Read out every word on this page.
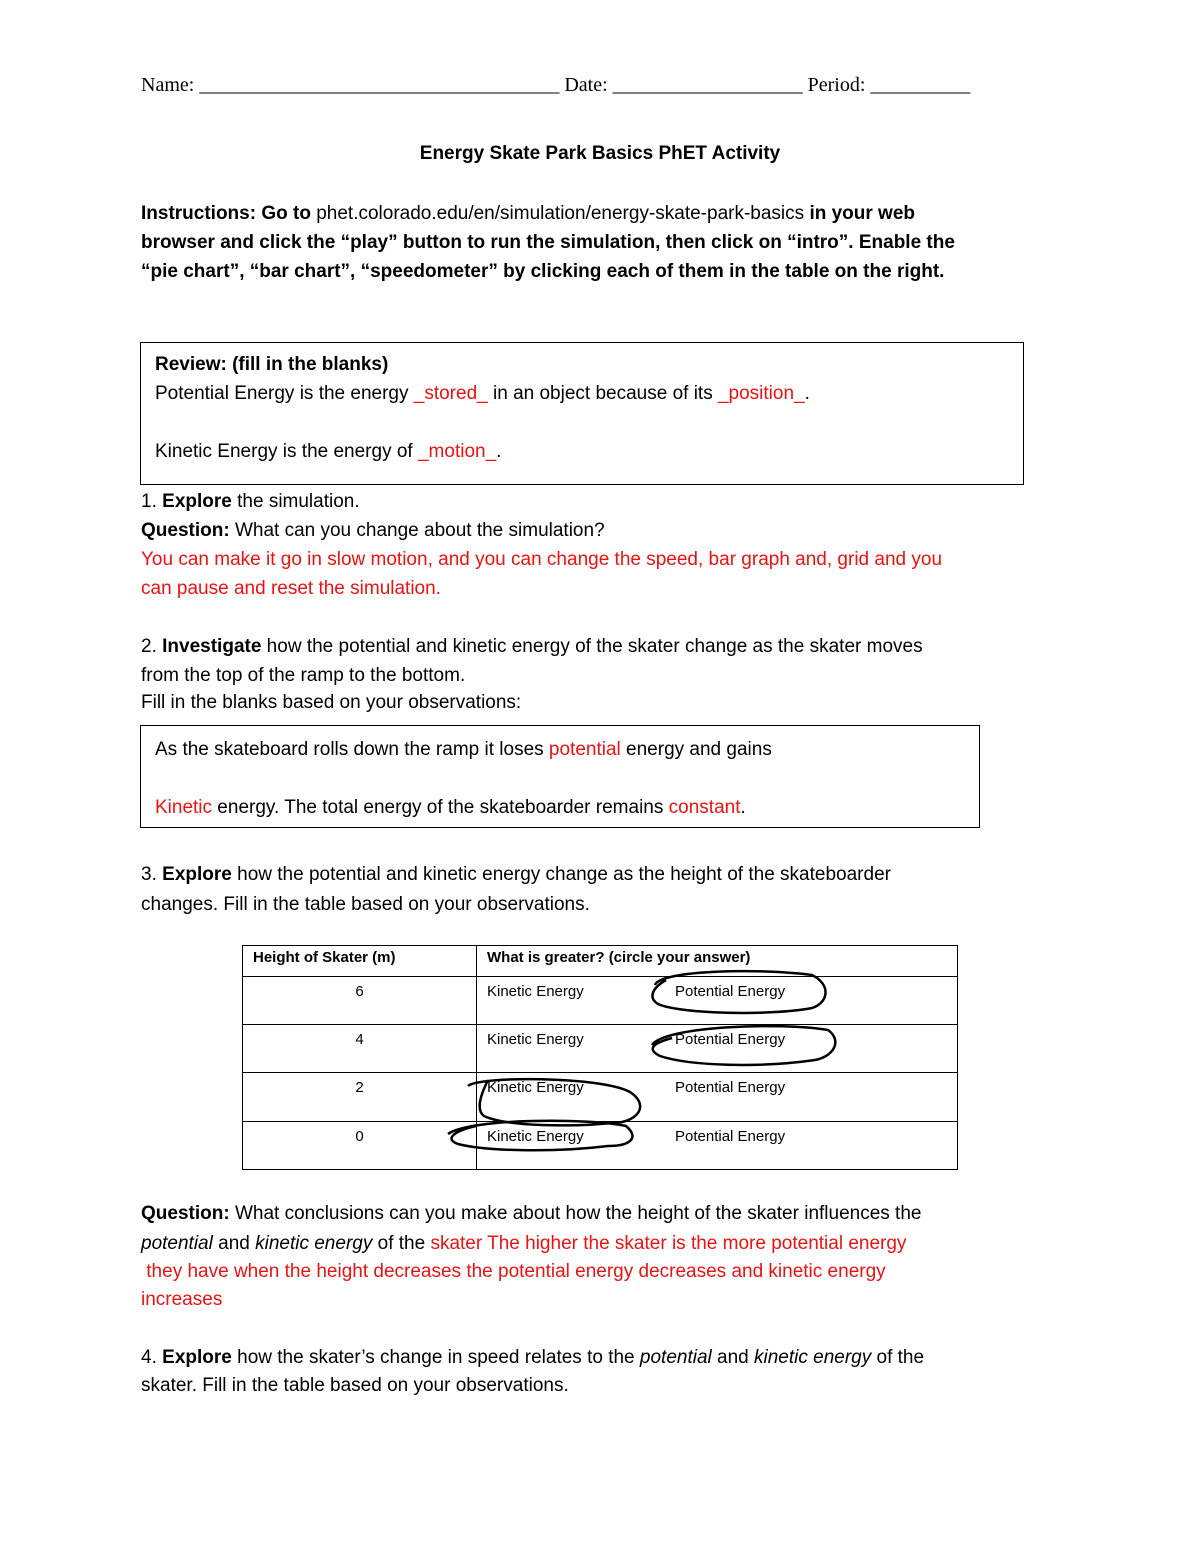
Name: ____________________________________ Date: ___________________ Period: __________
Energy Skate Park Basics PhET Activity
Instructions: Go to phet.colorado.edu/en/simulation/energy-skate-park-basics in your web
browser and click the “play” button to run the simulation, then click on “intro”. Enable the
“pie chart”, “bar chart”, “speedometer” by clicking each of them in the table on the right.
Review: (fill in the blanks)
Potential Energy is the energy _stored_ in an object because of its _position_.
Kinetic Energy is the energy of _motion_.
1. Explore the simulation.
Question: What can you change about the simulation?
You can make it go in slow motion, and you can change the speed, bar graph and, grid and you
can pause and reset the simulation.
2. Investigate how the potential and kinetic energy of the skater change as the skater moves
from the top of the ramp to the bottom.
Fill in the blanks based on your observations:
As the skateboard rolls down the ramp it loses potential energy and gains
Kinetic energy. The total energy of the skateboarder remains constant.
3. Explore how the potential and kinetic energy change as the height of the skateboarder
changes. Fill in the table based on your observations.
Height of Skater (m)	What is greater? (circle your answer)
6	Kinetic Energy Potential Energy
4	Kinetic Energy Potential Energy
2	Kinetic Energy Potential Energy
0	Kinetic Energy Potential Energy
Question: What conclusions can you make about how the height of the skater influences the
potential and kinetic energy of the skater The higher the skater is the more potential energy
they have when the height decreases the potential energy decreases and kinetic energy
increases
4. Explore how the skater’s change in speed relates to the potential and kinetic energy of the
skater. Fill in the table based on your observations.
